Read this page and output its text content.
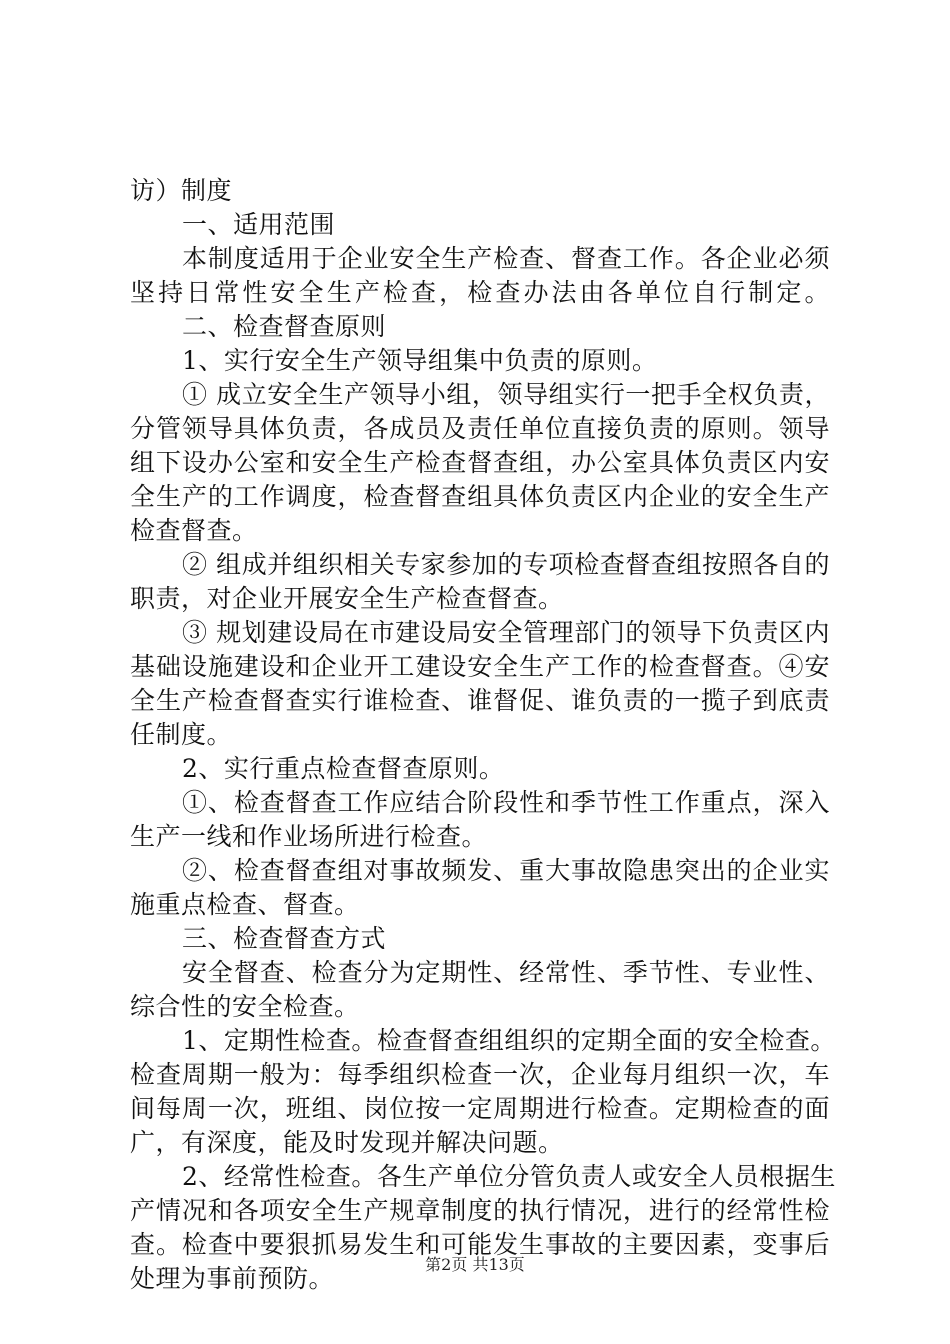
访）制度
一、适用范围
本制度适用于企业安全生产检查、督查工作。各企业必须
坚持日常性安全生产检查，检查办法由各单位自行制定。
二、检查督查原则
1、实行安全生产领导组集中负责的原则。
① 成立安全生产领导小组，领导组实行一把手全权负责，
分管领导具体负责，各成员及责任单位直接负责的原则。领导
组下设办公室和安全生产检查督查组，办公室具体负责区内安
全生产的工作调度，检查督查组具体负责区内企业的安全生产
检查督查。
② 组成并组织相关专家参加的专项检查督查组按照各自的
职责，对企业开展安全生产检查督查。
③ 规划建设局在市建设局安全管理部门的领导下负责区内
基础设施建设和企业开工建设安全生产工作的检查督查。④安
全生产检查督查实行谁检查、谁督促、谁负责的一揽子到底责
任制度。
2、实行重点检查督查原则。
①、检查督查工作应结合阶段性和季节性工作重点，深入
生产一线和作业场所进行检查。
②、检查督查组对事故频发、重大事故隐患突出的企业实
施重点检查、督查。
三、检查督查方式
安全督查、检查分为定期性、经常性、季节性、专业性、
综合性的安全检查。
1、定期性检查。检查督查组组织的定期全面的安全检查。
检查周期一般为：每季组织检查一次，企业每月组织一次，车
间每周一次，班组、岗位按一定周期进行检查。定期检查的面
广，有深度，能及时发现并解决问题。
2、经常性检查。各生产单位分管负责人或安全人员根据生
产情况和各项安全生产规章制度的执行情况，进行的经常性检
查。检查中要狠抓易发生和可能发生事故的主要因素，变事后
处理为事前预防。	第2页 共13页
